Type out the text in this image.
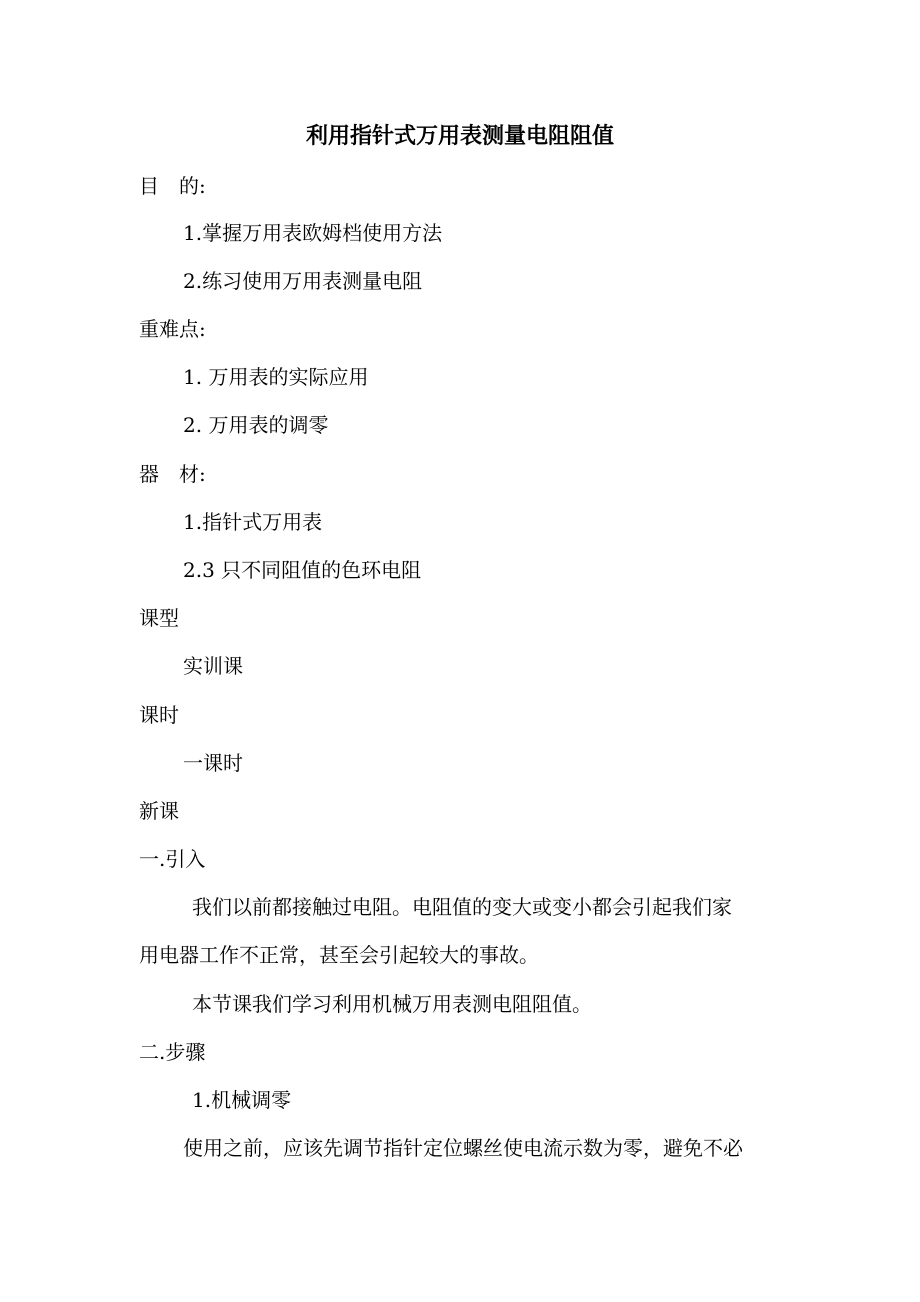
利用指针式万用表测量电阻阻值

目　的:

1.掌握万用表欧姆档使用方法

2.练习使用万用表测量电阻

重难点:

1. 万用表的实际应用

2. 万用表的调零

器　材:

1.指针式万用表

2.3 只不同阻值的色环电阻

课型

实训课

课时

一课时

新课

一.引入

我们以前都接触过电阻。电阻值的变大或变小都会引起我们家

用电器工作不正常，甚至会引起较大的事故。

本节课我们学习利用机械万用表测电阻阻值。

二.步骤

1.机械调零

使用之前，应该先调节指针定位螺丝使电流示数为零，避免不必
